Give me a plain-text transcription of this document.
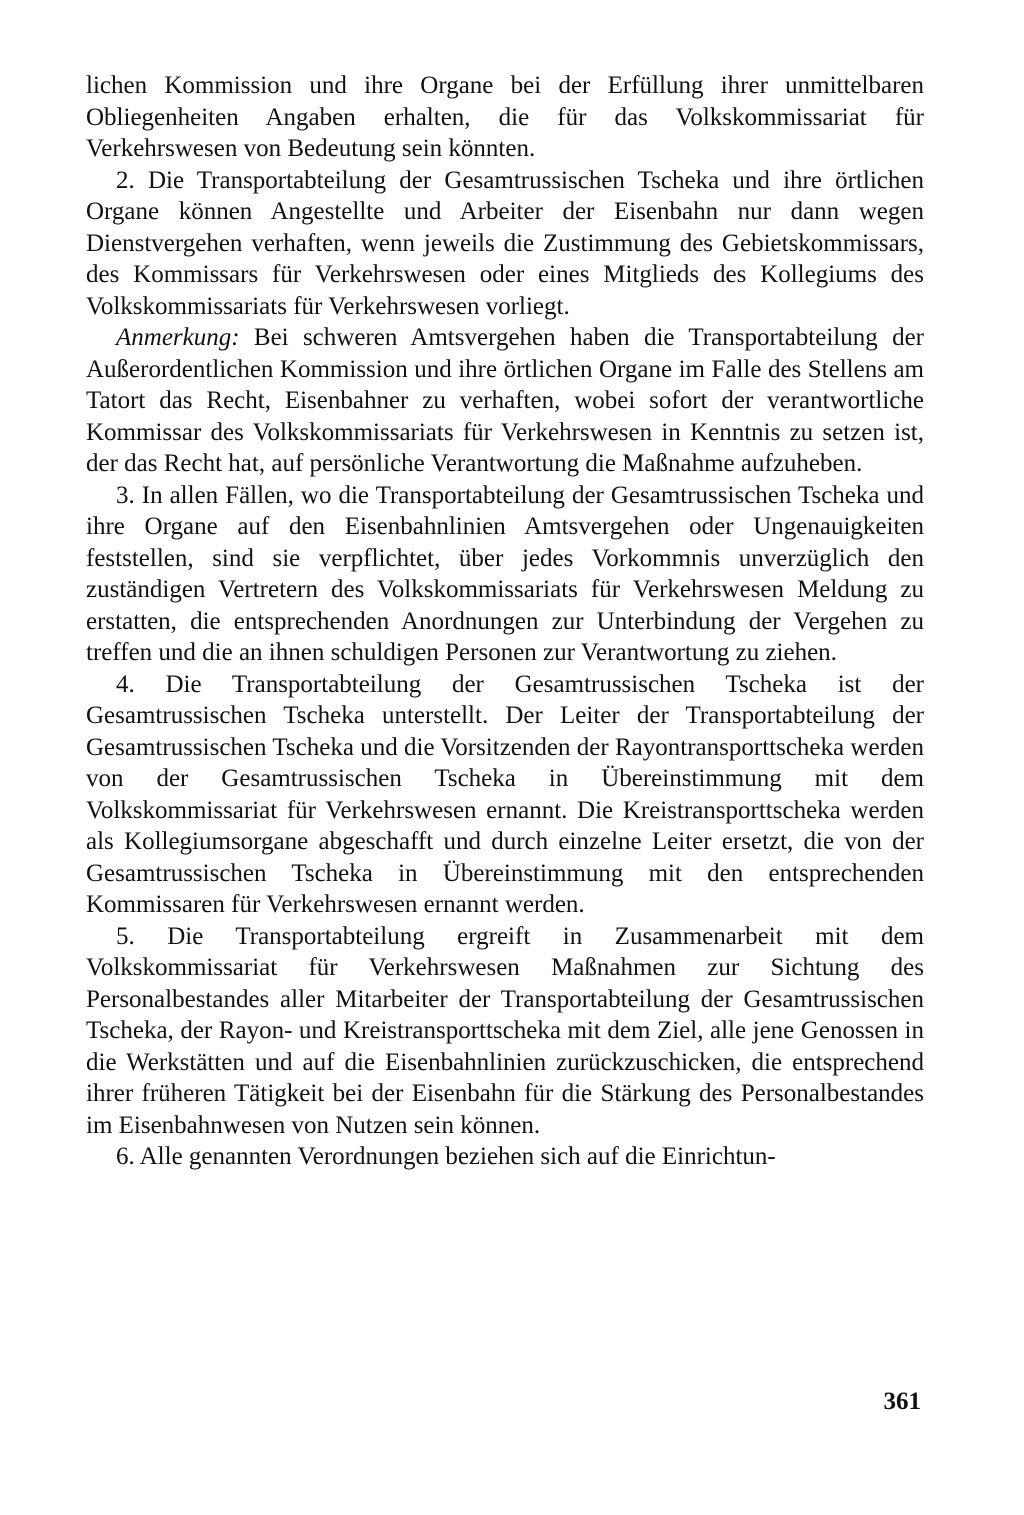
lichen Kommission und ihre Organe bei der Erfüllung ihrer unmittelbaren Obliegenheiten Angaben erhalten, die für das Volkskommissariat für Verkehrswesen von Bedeutung sein könnten.

2. Die Transportabteilung der Gesamtrussischen Tscheka und ihre örtlichen Organe können Angestellte und Arbeiter der Eisenbahn nur dann wegen Dienstvergehen verhaften, wenn jeweils die Zustimmung des Gebietskommissars, des Kommissars für Verkehrswesen oder eines Mitglieds des Kollegiums des Volkskommissariats für Verkehrswesen vorliegt.

Anmerkung: Bei schweren Amtsvergehen haben die Transportabteilung der Außerordentlichen Kommission und ihre örtlichen Organe im Falle des Stellens am Tatort das Recht, Eisenbahner zu verhaften, wobei sofort der verantwortliche Kommissar des Volkskommissariats für Verkehrswesen in Kenntnis zu setzen ist, der das Recht hat, auf persönliche Verantwortung die Maßnahme aufzuheben.

3. In allen Fällen, wo die Transportabteilung der Gesamtrussischen Tscheka und ihre Organe auf den Eisenbahnlinien Amtsvergehen oder Ungenauigkeiten feststellen, sind sie verpflichtet, über jedes Vorkommnis unverzüglich den zuständigen Vertretern des Volkskommissariats für Verkehrswesen Meldung zu erstatten, die entsprechenden Anordnungen zur Unterbindung der Vergehen zu treffen und die an ihnen schuldigen Personen zur Verantwortung zu ziehen.

4. Die Transportabteilung der Gesamtrussischen Tscheka ist der Gesamtrussischen Tscheka unterstellt. Der Leiter der Transportabteilung der Gesamtrussischen Tscheka und die Vorsitzenden der Rayontransporttscheka werden von der Gesamtrussischen Tscheka in Übereinstimmung mit dem Volkskommissariat für Verkehrswesen ernannt. Die Kreistransporttscheka werden als Kollegiumsorgane abgeschafft und durch einzelne Leiter ersetzt, die von der Gesamtrussischen Tscheka in Übereinstimmung mit den entsprechenden Kommissaren für Verkehrswesen ernannt werden.

5. Die Transportabteilung ergreift in Zusammenarbeit mit dem Volkskommissariat für Verkehrswesen Maßnahmen zur Sichtung des Personalbestandes aller Mitarbeiter der Transportabteilung der Gesamtrussischen Tscheka, der Rayon- und Kreistransporttscheka mit dem Ziel, alle jene Genossen in die Werkstätten und auf die Eisenbahnlinien zurückzuschicken, die entsprechend ihrer früheren Tätigkeit bei der Eisenbahn für die Stärkung des Personalbestandes im Eisenbahnwesen von Nutzen sein können.

6. Alle genannten Verordnungen beziehen sich auf die Einrichtun-

361
